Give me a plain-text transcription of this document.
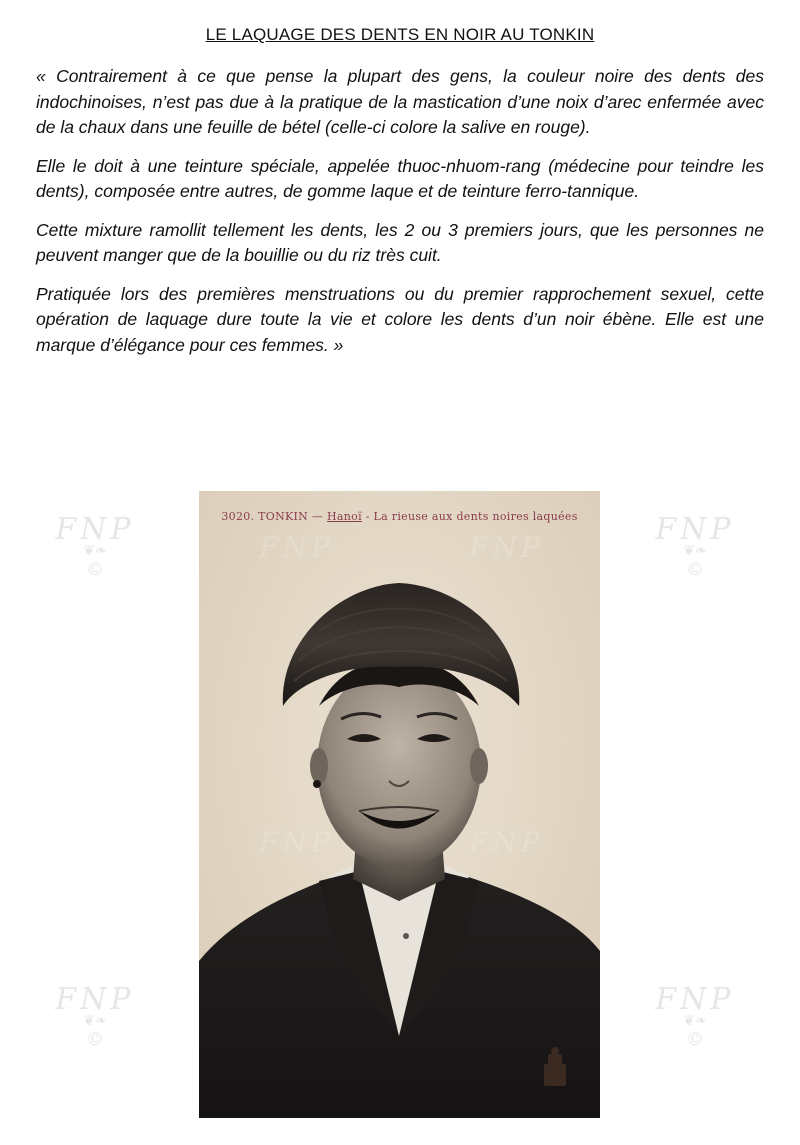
LE LAQUAGE DES DENTS EN NOIR AU TONKIN

« Contrairement à ce que pense la plupart des gens, la couleur noire des dents des indochinoises, n’est pas due à la pratique de la mastication d’une noix d’arec enfermée avec de la chaux dans une feuille de bétel (celle-ci colore la salive en rouge).

Elle le doit à une teinture spéciale, appelée thuoc-nhuom-rang (médecine pour teindre les dents), composée entre autres, de gomme laque et de teinture ferro-tannique.

Cette mixture ramollit tellement les dents, les 2 ou 3 premiers jours, que les personnes ne peuvent manger que de la bouillie ou du riz très cuit.

Pratiquée lors des premières menstruations ou du premier rapprochement sexuel, cette opération de laquage dure toute la vie et colore les dents d’un noir ébène. Elle est une marque d’élégance pour ces femmes. »

FNP
❦❧
©
FNP
❦❧
©
FNP
❦❧
©
FNP
❦❧
©
3020. TONKIN — Hanoï - La rieuse aux dents noires laquées
FNP	FNP
FNP	FNP
